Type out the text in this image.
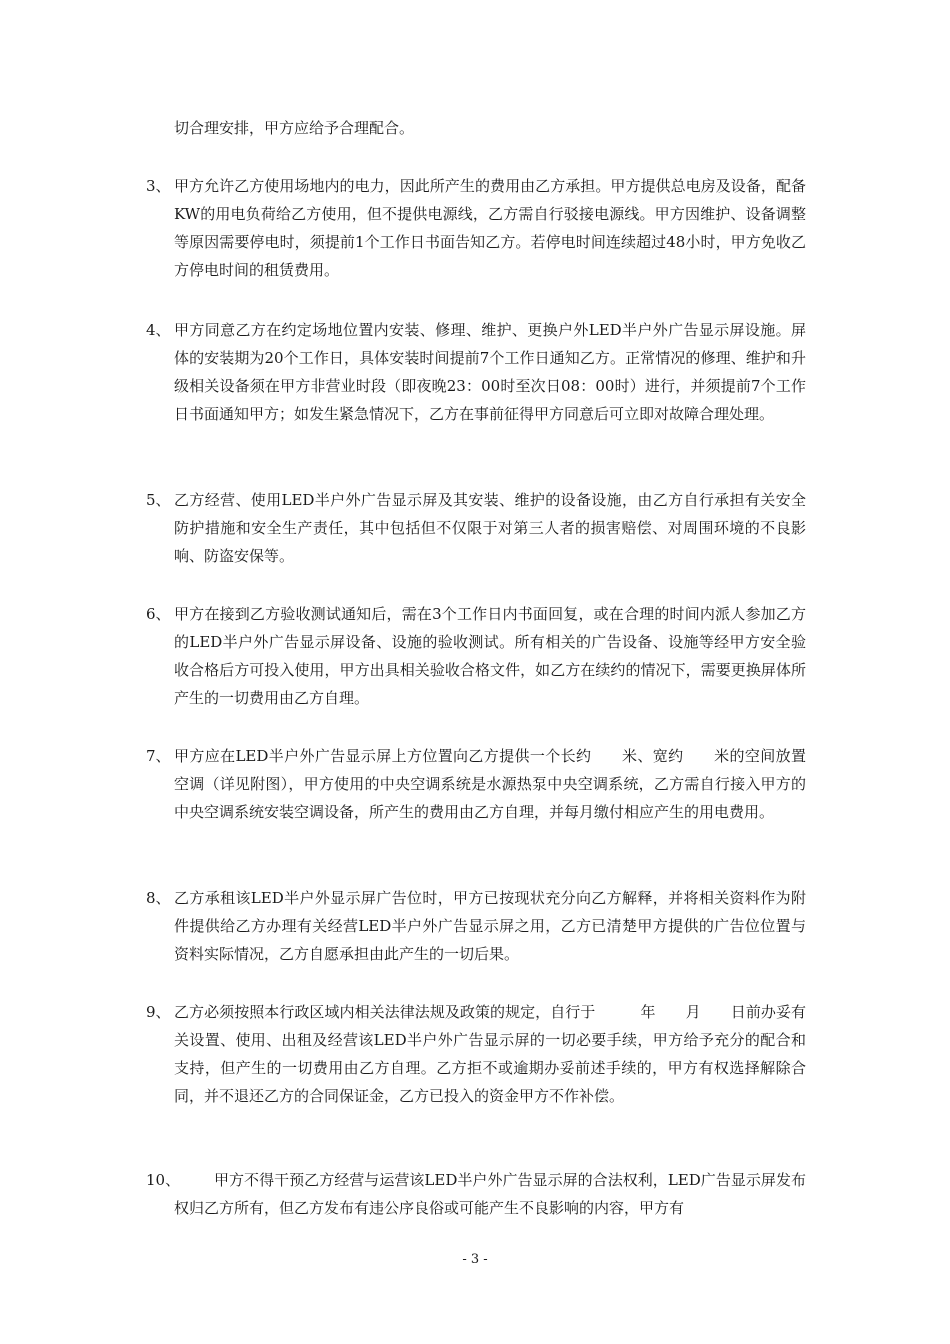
切合理安排，甲方应给予合理配合。

3、 甲方允许乙方使用场地内的电力，因此所产生的费用由乙方承担。甲方提供总电房及设备，配备　　　　KW的用电负荷给乙方使用，但不提供电源线，乙方需自行驳接电源线。甲方因维护、设备调整等原因需要停电时，须提前1个工作日书面告知乙方。若停电时间连续超过48小时，甲方免收乙方停电时间的租赁费用。
4、 甲方同意乙方在约定场地位置内安装、修理、维护、更换户外LED半户外广告显示屏设施。屏体的安装期为20个工作日，具体安装时间提前7个工作日通知乙方。正常情况的修理、维护和升级相关设备须在甲方非营业时段（即夜晚23：00时至次日08：00时）进行，并须提前7个工作日书面通知甲方；如发生紧急情况下，乙方在事前征得甲方同意后可立即对故障合理处理。
5、 乙方经营、使用LED半户外广告显示屏及其安装、维护的设备设施，由乙方自行承担有关安全防护措施和安全生产责任，其中包括但不仅限于对第三人者的损害赔偿、对周围环境的不良影响、防盗安保等。
6、 甲方在接到乙方验收测试通知后，需在3个工作日内书面回复，或在合理的时间内派人参加乙方的LED半户外广告显示屏设备、设施的验收测试。所有相关的广告设备、设施等经甲方安全验收合格后方可投入使用，甲方出具相关验收合格文件，如乙方在续约的情况下，需要更换屏体所产生的一切费用由乙方自理。
7、 甲方应在LED半户外广告显示屏上方位置向乙方提供一个长约　　米、宽约　　米的空间放置空调（详见附图），甲方使用的中央空调系统是水源热泵中央空调系统，乙方需自行接入甲方的中央空调系统安装空调设备，所产生的费用由乙方自理，并每月缴付相应产生的用电费用。
8、 乙方承租该LED半户外显示屏广告位时，甲方已按现状充分向乙方解释，并将相关资料作为附件提供给乙方办理有关经营LED半户外广告显示屏之用，乙方已清楚甲方提供的广告位位置与资料实际情况，乙方自愿承担由此产生的一切后果。
9、 乙方必须按照本行政区域内相关法律法规及政策的规定，自行于　　　年　　月　　日前办妥有关设置、使用、出租及经营该LED半户外广告显示屏的一切必要手续，甲方给予充分的配合和支持，但产生的一切费用由乙方自理。乙方拒不或逾期办妥前述手续的，甲方有权选择解除合同，并不退还乙方的合同保证金，乙方已投入的资金甲方不作补偿。
10、	甲方不得干预乙方经营与运营该LED半户外广告显示屏的合法权利，LED广告显示屏发布权归乙方所有，但乙方发布有违公序良俗或可能产生不良影响的内容，甲方有
- 3 -
